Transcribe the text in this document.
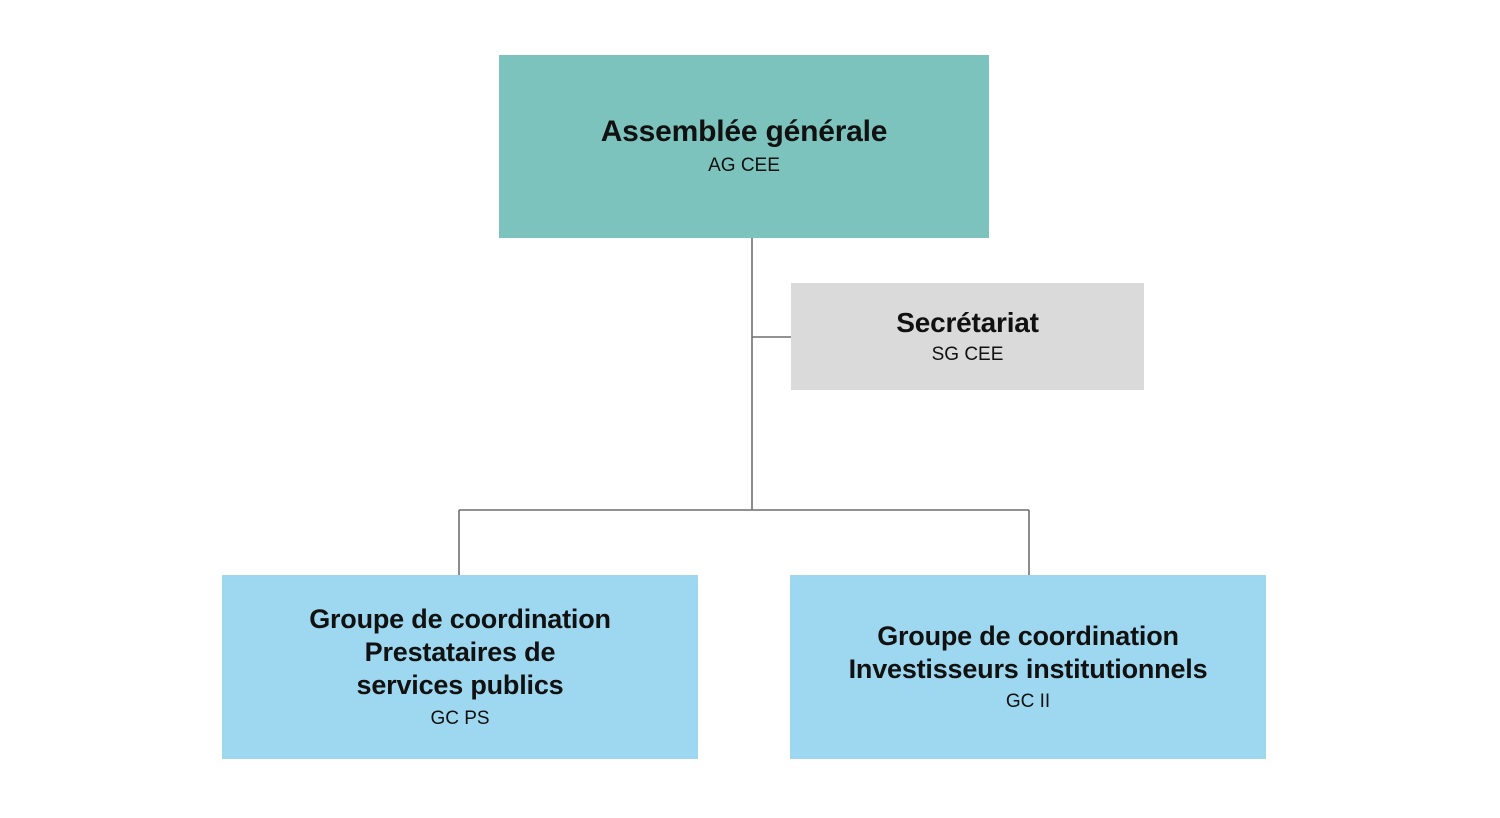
Assemblée générale
AG CEE
Secrétariat
SG CEE
Groupe de coordination
Prestataires de
services publics
GC PS
Groupe de coordination
Investisseurs institutionnels
GC II
